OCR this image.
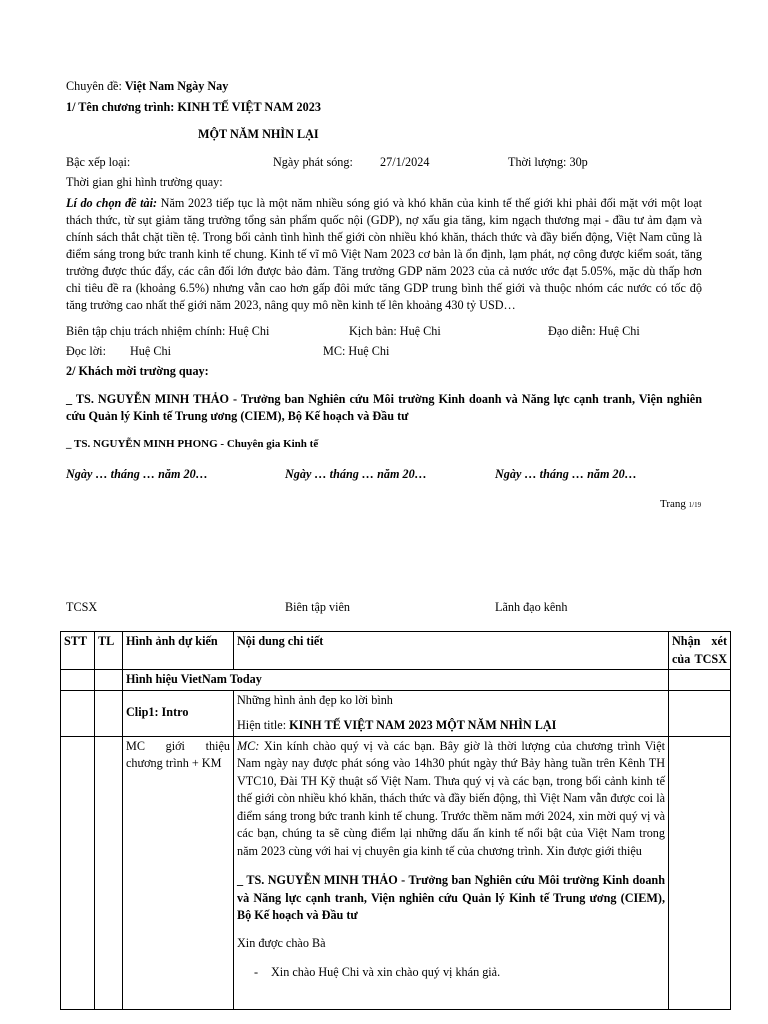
Chuyên đề: Việt Nam Ngày Nay
1/ Tên chương trình: KINH TẾ VIỆT NAM 2023
MỘT NĂM NHÌN LẠI
Bậc xếp loại:	Ngày phát sóng: 27/1/2024	Thời lượng: 30p
Thời gian ghi hình trường quay:
Lí do chọn đề tài: Năm 2023 tiếp tục là một năm nhiều sóng gió và khó khăn của kinh tế thế giới khi phải đối mặt với một loạt thách thức, từ sụt giảm tăng trưởng tổng sản phẩm quốc nội (GDP), nợ xấu gia tăng, kim ngạch thương mại - đầu tư ảm đạm và chính sách thắt chặt tiền tệ. Trong bối cảnh tình hình thế giới còn nhiều khó khăn, thách thức và đầy biến động, Việt Nam cũng là điểm sáng trong bức tranh kinh tế chung. Kinh tế vĩ mô Việt Nam 2023 cơ bản là ổn định, lạm phát, nợ công được kiểm soát, tăng trưởng được thúc đẩy, các cân đối lớn được bảo đảm. Tăng trưởng GDP năm 2023 của cả nước ước đạt 5.05%, mặc dù thấp hơn chỉ tiêu đề ra (khoảng 6.5%) nhưng vẫn cao hơn gấp đôi mức tăng GDP trung bình thế giới và thuộc nhóm các nước có tốc độ tăng trưởng cao nhất thế giới năm 2023, nâng quy mô nền kinh tế lên khoảng 430 tỷ USD…
Biên tập chịu trách nhiệm chính: Huệ Chi	Kịch bản: Huệ Chi	Đạo diễn: Huệ Chi
Đọc lời: Huệ Chi	MC: Huệ Chi
2/ Khách mời trường quay:
_ TS. NGUYỄN MINH THẢO - Trưởng ban Nghiên cứu Môi trường Kinh doanh và Năng lực cạnh tranh, Viện nghiên cứu Quản lý Kinh tế Trung ương (CIEM), Bộ Kế hoạch và Đầu tư
_ TS. NGUYỄN MINH PHONG - Chuyên gia Kinh tế
Ngày … tháng … năm 20…	Ngày … tháng … năm 20…	Ngày … tháng … năm 20…
Trang 1/19
TCSX	Biên tập viên	Lãnh đạo kênh
STT	TL	Hình ảnh dự kiến	Nội dung chi tiết	Nhận xét của TCSX
		Hình hiệu VietNam Today		
		Clip1: Intro	Những hình ảnh đẹp ko lời bình
Hiện title: KINH TẾ VIỆT NAM 2023 MỘT NĂM NHÌN LẠI	

		MC giới thiệu chương trình + KM	MC: Xin kính chào quý vị và các bạn. Bây giờ là thời lượng của chương trình Việt Nam ngày nay được phát sóng vào 14h30 phút ngày thứ Bảy hàng tuần trên Kênh TH VTC10, Đài TH Kỹ thuật số Việt Nam. Thưa quý vị và các bạn, trong bối cảnh kinh tế thế giới còn nhiều khó khăn, thách thức và đầy biến động, thì Việt Nam vẫn được coi là điểm sáng trong bức tranh kinh tế chung. Trước thềm năm mới 2024, xin mời quý vị và các bạn, chúng ta sẽ cùng điểm lại những dấu ấn kinh tế nổi bật của Việt Nam trong năm 2023 cùng với hai vị chuyên gia kinh tế của chương trình. Xin được giới thiệu
_ TS. NGUYỄN MINH THẢO - Trưởng ban Nghiên cứu Môi trường Kinh doanh và Năng lực cạnh tranh, Viện nghiên cứu Quản lý Kinh tế Trung ương (CIEM), Bộ Kế hoạch và Đầu tư
Xin được chào Bà
- Xin chào Huệ Chi và xin chào quý vị khán giả.
